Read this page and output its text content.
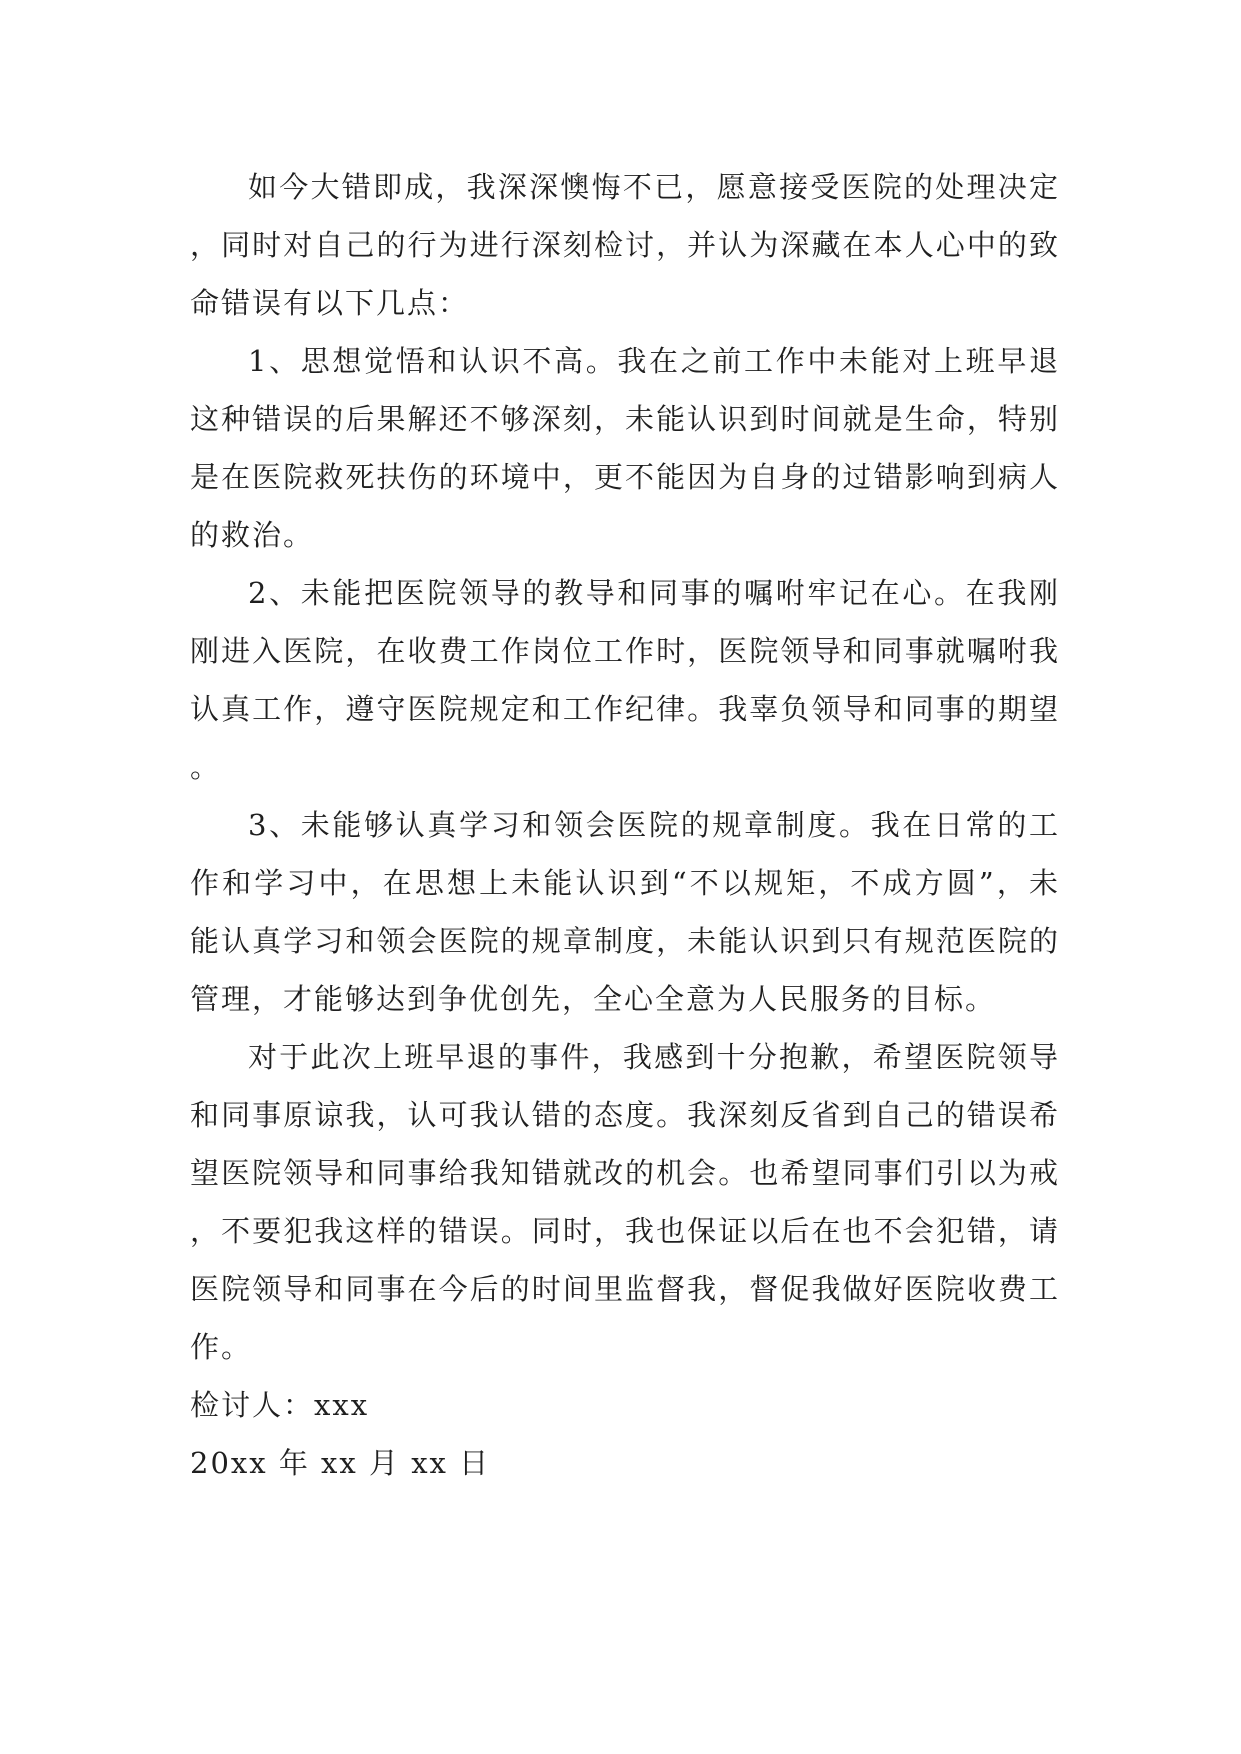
如今大错即成，我深深懊悔不已，愿意接受医院的处理决定，同时对自己的行为进行深刻检讨，并认为深藏在本人心中的致命错误有以下几点：

1、思想觉悟和认识不高。我在之前工作中未能对上班早退这种错误的后果解还不够深刻，未能认识到时间就是生命，特别是在医院救死扶伤的环境中，更不能因为自身的过错影响到病人的救治。

2、未能把医院领导的教导和同事的嘱咐牢记在心。在我刚刚进入医院，在收费工作岗位工作时，医院领导和同事就嘱咐我认真工作，遵守医院规定和工作纪律。我辜负领导和同事的期望。

3、未能够认真学习和领会医院的规章制度。我在日常的工作和学习中，在思想上未能认识到“不以规矩，不成方圆”，未能认真学习和领会医院的规章制度，未能认识到只有规范医院的管理，才能够达到争优创先，全心全意为人民服务的目标。

对于此次上班早退的事件，我感到十分抱歉，希望医院领导和同事原谅我，认可我认错的态度。我深刻反省到自己的错误希望医院领导和同事给我知错就改的机会。也希望同事们引以为戒，不要犯我这样的错误。同时，我也保证以后在也不会犯错，请医院领导和同事在今后的时间里监督我，督促我做好医院收费工作。

检讨人：xxx

20xx 年 xx 月 xx 日
